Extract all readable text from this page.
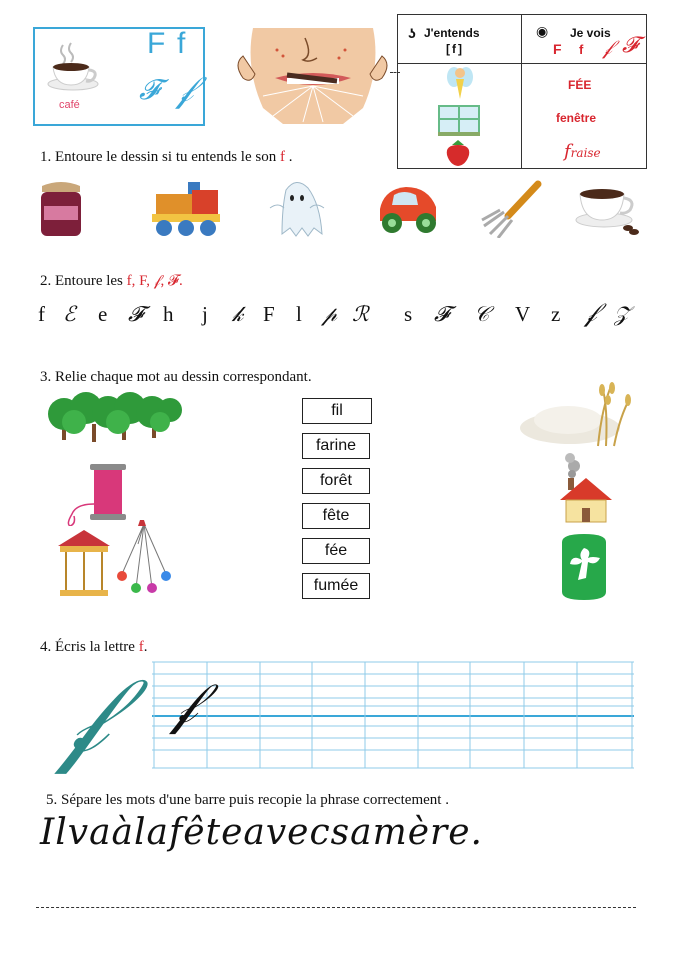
café
F f
𝓕 𝒻
ʖ J'entends
[f]
◉ Je vois
F f 𝒻 𝓕
FÉE
fenêtre
fraise
1. Entoure le dessin si tu entends le son f .
2. Entoure les f, F, 𝒻, 𝓕.
f ℰ e 𝓕 h j 𝓀 F l 𝓅 ℛ s 𝓕 𝒞 V z 𝒻 𝒵
3. Relie chaque mot au dessin correspondant.
fil
farine
forêt
fête
fée
fumée
4. Écris la lettre f.
𝒻 𝒻
5. Sépare les mots d'une barre puis recopie la phrase correctement .
Ilvaàlafêteavecsamère.
